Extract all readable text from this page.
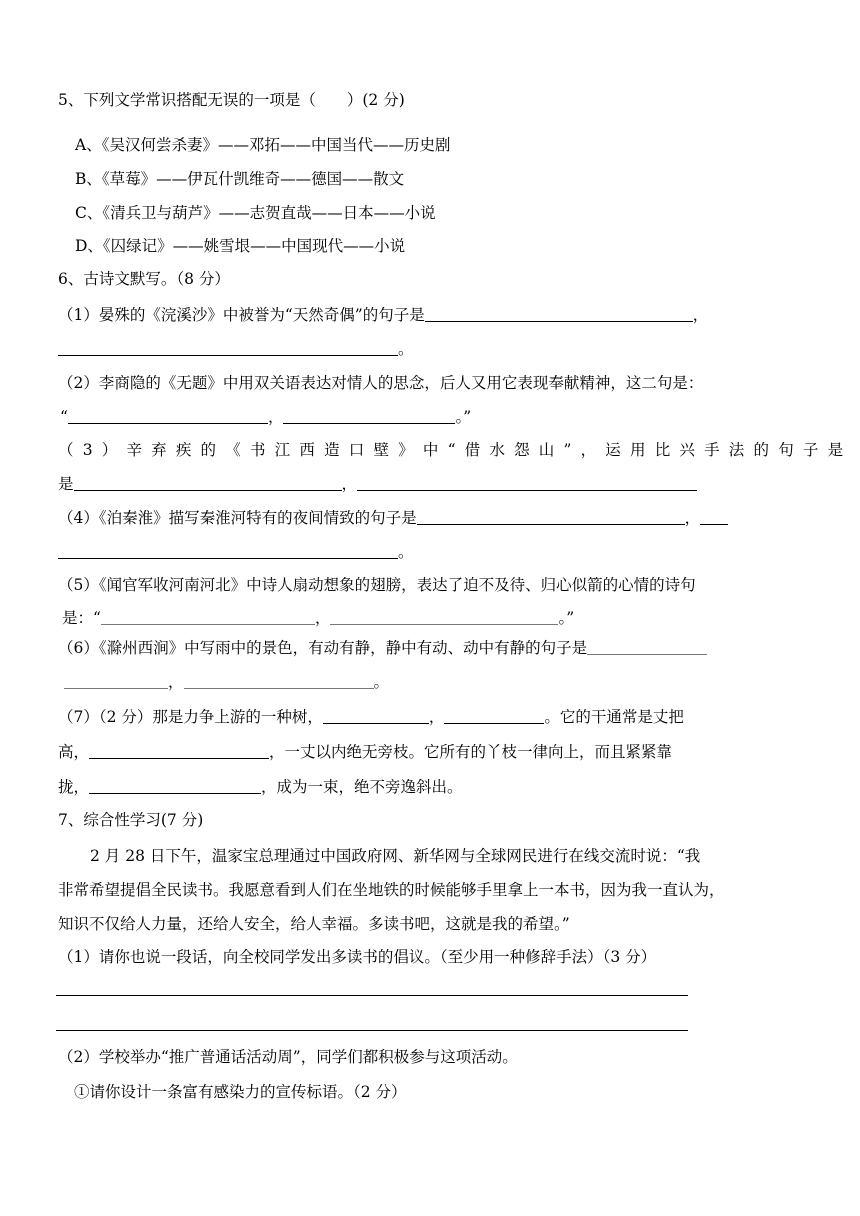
5、下列文学常识搭配无误的一项是（　　）(2 分)
A、《吴汉何尝杀妻》——邓拓——中国当代——历史剧
B、《草莓》——伊瓦什凯维奇——德国——散文
C、《清兵卫与葫芦》——志贺直哉——日本——小说
D、《囚绿记》——姚雪垠——中国现代——小说
6、古诗文默写。（8 分）
（1）晏殊的《浣溪沙》中被誉为“天然奇偶”的句子是	，
。
（2）李商隐的《无题》中用双关语表达对情人的思念，后人又用它表现奉献精神，这二句是：
“	，	。”
（3）辛弃疾的《书江西造口壁》中“借水怨山”，运用比兴手法的句子是
是	，
（4）《泊秦淮》描写秦淮河特有的夜间情致的句子是	，
。
（5）《闻官军收河南河北》中诗人扇动想象的翅膀，表达了迫不及待、归心似箭的心情的诗句
是：“	，	。”
（6）《滁州西涧》中写雨中的景色，有动有静，静中有动、动中有静的句子是
，	。
（7）（2 分）那是力争上游的一种树，	，	。它的干通常是丈把
高，	，一丈以内绝无旁枝。它所有的丫枝一律向上，而且紧紧靠
拢，	，成为一束，绝不旁逸斜出。
7、综合性学习(7 分)
2 月 28 日下午，温家宝总理通过中国政府网、新华网与全球网民进行在线交流时说：“我
非常希望提倡全民读书。我愿意看到人们在坐地铁的时候能够手里拿上一本书，因为我一直认为，
知识不仅给人力量，还给人安全，给人幸福。多读书吧，这就是我的希望。”
（1）请你也说一段话，向全校同学发出多读书的倡议。（至少用一种修辞手法）（3 分）
（2）学校举办“推广普通话活动周”，同学们都积极参与这项活动。
①请你设计一条富有感染力的宣传标语。（2 分）
